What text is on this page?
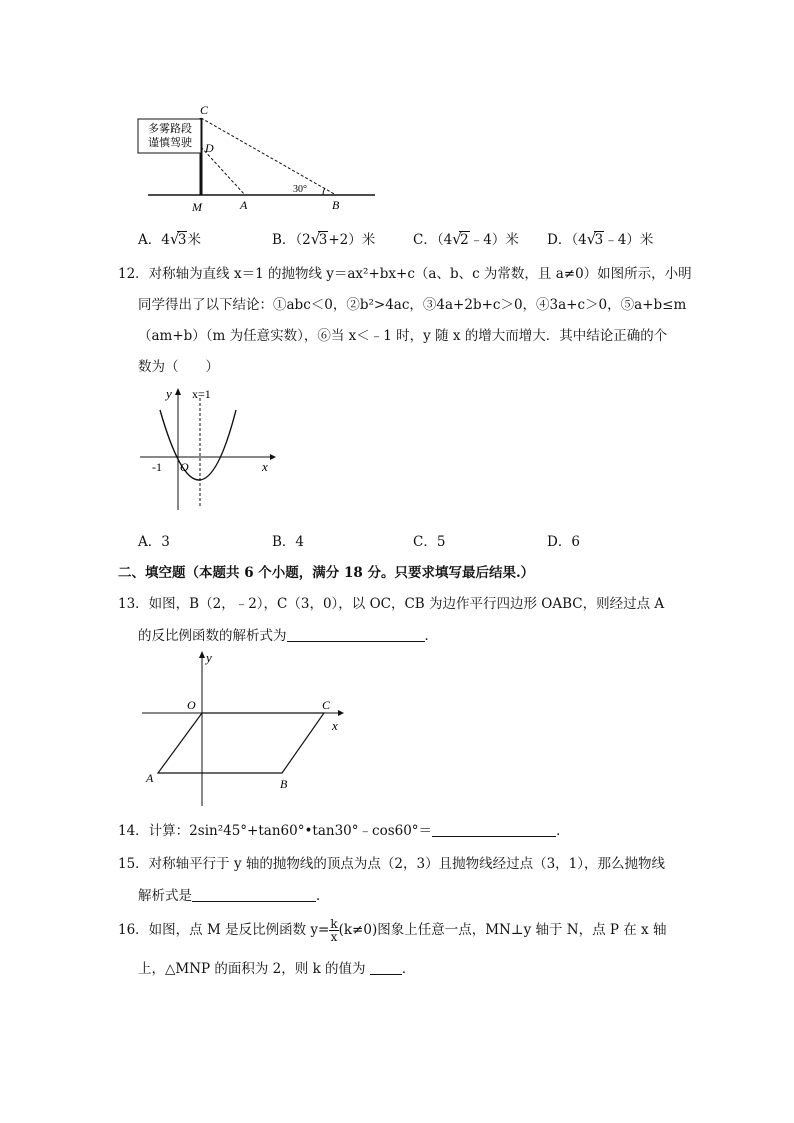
多雾路段
谨慎驾驶
C
D
M	A	B
30°
A．4 √
3米	B．（2 √
3+2）米	C．（4 √
2﹣4）米 D．（4 √
3﹣4）米
12．对称轴为直线 x＝1 的抛物线 y＝ax²+bx+c（a、b、c 为常数，且 a≠0）如图所示，小明
同学得出了以下结论：①abc＜0，②b²>4ac，③4a+2b+c＞0，④3a+c＞0，⑤a+b≤m
（am+b）（m 为任意实数），⑥当 x＜﹣1 时，y 随 x 的增大而增大．其中结论正确的个
数为（　　）
y x=1
-1 O	x
A．3	B．4	C．5	D．6
二、填空题（本题共 6 个小题，满分 18 分。只要求填写最后结果.）
13．如图，B（2，﹣2），C（3，0），以 OC，CB 为边作平行四边形 OABC，则经过点 A
的反比例函数的解析式为	．
y
O	C
x
A	B
14．计算：2sin²45°+tan60°•tan30°﹣cos60°＝	．
15．对称轴平行于 y 轴的抛物线的顶点为点（2，3）且抛物线经过点（3，1），那么抛物线
解析式是	．
16．如图，点 M 是反比例函数 $y= \frac{k}{x} (k\ne 0)$图象上任意一点，MN⊥y 轴于 N，点 P 在 x 轴
上，△MNP 的面积为 2，则 k 的值为	．
